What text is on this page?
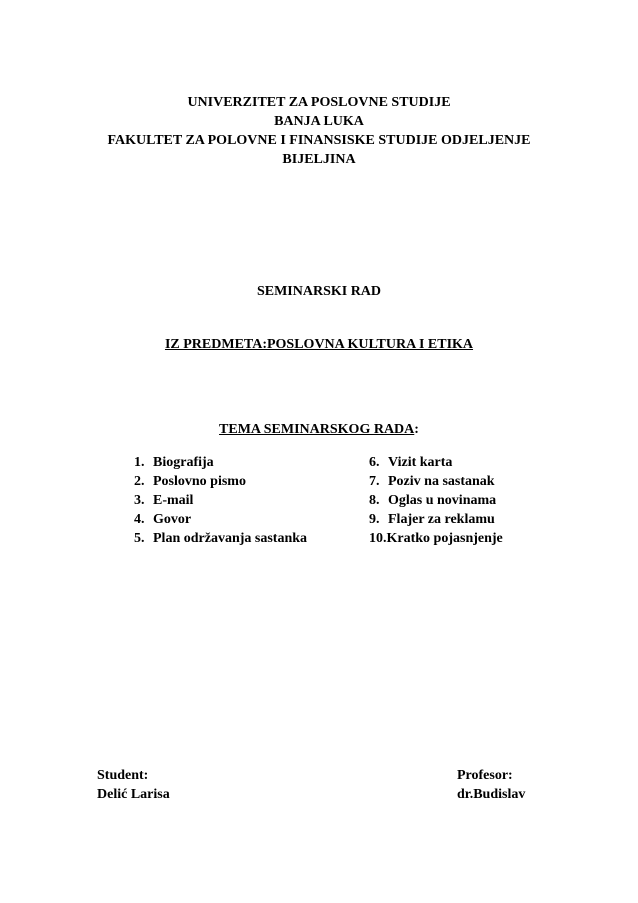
UNIVERZITET ZA POSLOVNE STUDIJE
BANJA LUKA
FAKULTET ZA POLOVNE I FINANSISKE STUDIJE ODJELJENJE
BIJELJINA
SEMINARSKI RAD
IZ PREDMETA:POSLOVNA KULTURA I ETIKA
TEMA SEMINARSKOG RADA:
1. Biografija
2. Poslovno pismo
3. E-mail
4. Govor
5. Plan održavanja sastanka
6. Vizit karta
7. Poziv na sastanak
8. Oglas u novinama
9. Flajer za reklamu
10.Kratko pojasnjenje
Student:
Delić Larisa
Profesor:
dr.Budislav
